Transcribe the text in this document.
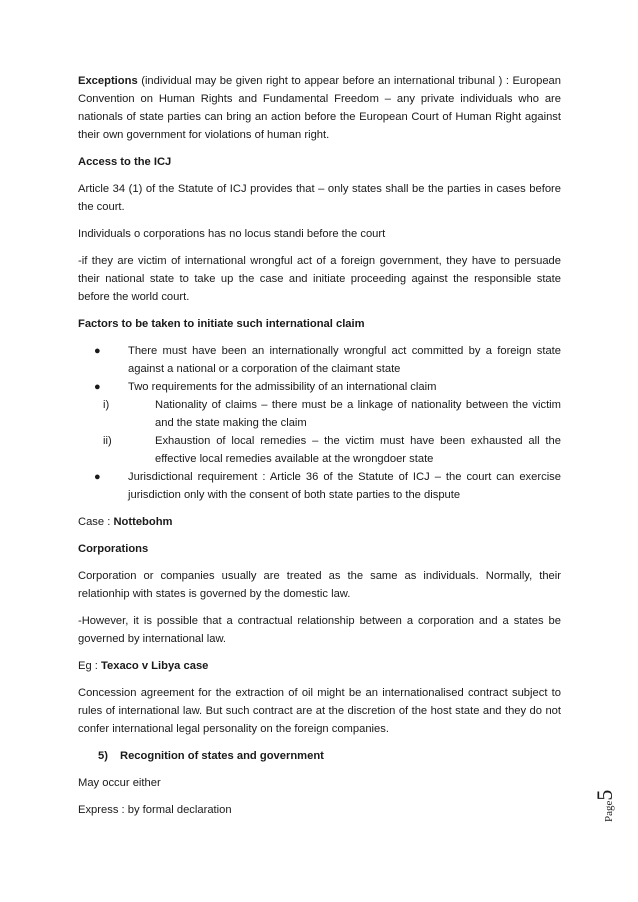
Exceptions (individual may be given right to appear before an international tribunal ) : European Convention on Human Rights and Fundamental Freedom – any private individuals who are nationals of state parties can bring an action before the European Court of Human Right against their own government for violations of human right.

Access to the ICJ

Article 34 (1) of the Statute of ICJ provides that – only states shall be the parties in cases before the court.

Individuals o corporations has no locus standi before the court

-if they are victim of international wrongful act of a foreign government, they have to persuade their national state to take up the case and initiate proceeding against the responsible state before the world court.

Factors to be taken to initiate such international claim

● There must have been an internationally wrongful act committed by a foreign state against a national or a corporation of the claimant state
● Two requirements for the admissibility of an international claim
i)	Nationality of claims – there must be a linkage of nationality between the victim and the state making the claim
ii)	Exhaustion of local remedies – the victim must have been exhausted all the effective local remedies available at the wrongdoer state
● Jurisdictional requirement : Article 36 of the Statute of ICJ – the court can exercise jurisdiction only with the consent of both state parties to the dispute

Case : Nottebohm

Corporations

Corporation or companies usually are treated as the same as individuals. Normally, their relationhip with states is governed by the domestic law.

-However, it is possible that a contractual relationship between a corporation and a states be governed by international law.

Eg : Texaco v Libya case

Concession agreement for the extraction of oil might be an internationalised contract subject to rules of international law. But such contract are at the discretion of the host state and they do not confer international legal personality on the foreign companies.

5) Recognition of states and government

May occur either

Express : by formal declaration	Page5
